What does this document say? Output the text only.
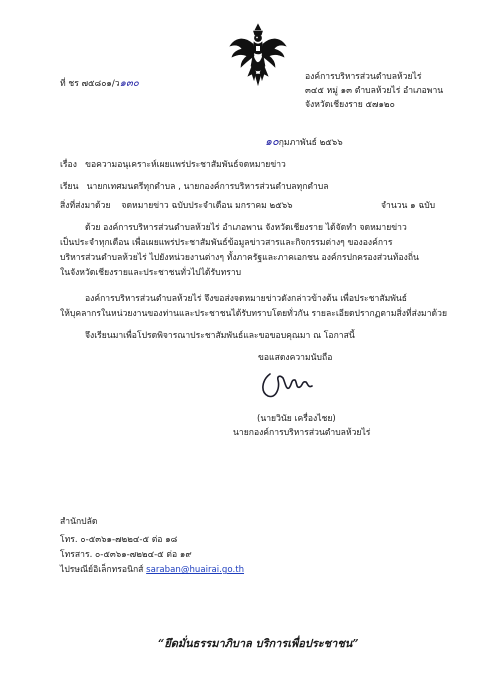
ที่ ชร ๗๕๘๐๑/ว๑๓๐
องค์การบริหารส่วนตำบลห้วยไร่
๓๔๕ หมู่ ๑๓ ตำบลห้วยไร่ อำเภอพาน
จังหวัดเชียงราย ๕๗๑๒๐
๑๐กุมภาพันธ์ ๒๕๖๖
เรื่อง ขอความอนุเคราะห์เผยแพร่ประชาสัมพันธ์จดหมายข่าว
เรียน นายกเทศมนตรีทุกตำบล , นายกองค์การบริหารส่วนตำบลทุกตำบล
สิ่งที่ส่งมาด้วย จดหมายข่าว ฉบับประจำเดือน มกราคม ๒๕๖๖	จำนวน ๑ ฉบับ
ด้วย องค์การบริหารส่วนตำบลห้วยไร่ อำเภอพาน จังหวัดเชียงราย ได้จัดทำ จดหมายข่าว
เป็นประจำทุกเดือน เพื่อเผยแพร่ประชาสัมพันธ์ข้อมูลข่าวสารและกิจกรรมต่างๆ ขององค์การ
บริหารส่วนตำบลห้วยไร่ ไปยังหน่วยงานต่างๆ ทั้งภาครัฐและภาคเอกชน องค์กรปกครองส่วนท้องถิ่น
ในจังหวัดเชียงรายและประชาชนทั่วไปได้รับทราบ
องค์การบริหารส่วนตำบลห้วยไร่ จึงขอส่งจดหมายข่าวดังกล่าวข้างต้น เพื่อประชาสัมพันธ์
ให้บุคลากรในหน่วยงานของท่านและประชาชนได้รับทราบโดยทั่วกัน รายละเอียดปรากฏตามสิ่งที่ส่งมาด้วย
จึงเรียนมาเพื่อโปรดพิจารณาประชาสัมพันธ์และขอขอบคุณมา ณ โอกาสนี้
ขอแสดงความนับถือ
(นายวินัย เครื่องไชย)
นายกองค์การบริหารส่วนตำบลห้วยไร่
สำนักปลัด
โทร. ๐-๕๓๖๑-๗๒๒๔-๕ ต่อ ๑๘
โทรสาร. ๐-๕๓๖๑-๗๒๒๔-๕ ต่อ ๑๙
ไปรษณีย์อิเล็กทรอนิกส์ saraban@huairai.go.th
“ยึดมั่นธรรมาภิบาล บริการเพื่อประชาชน”
